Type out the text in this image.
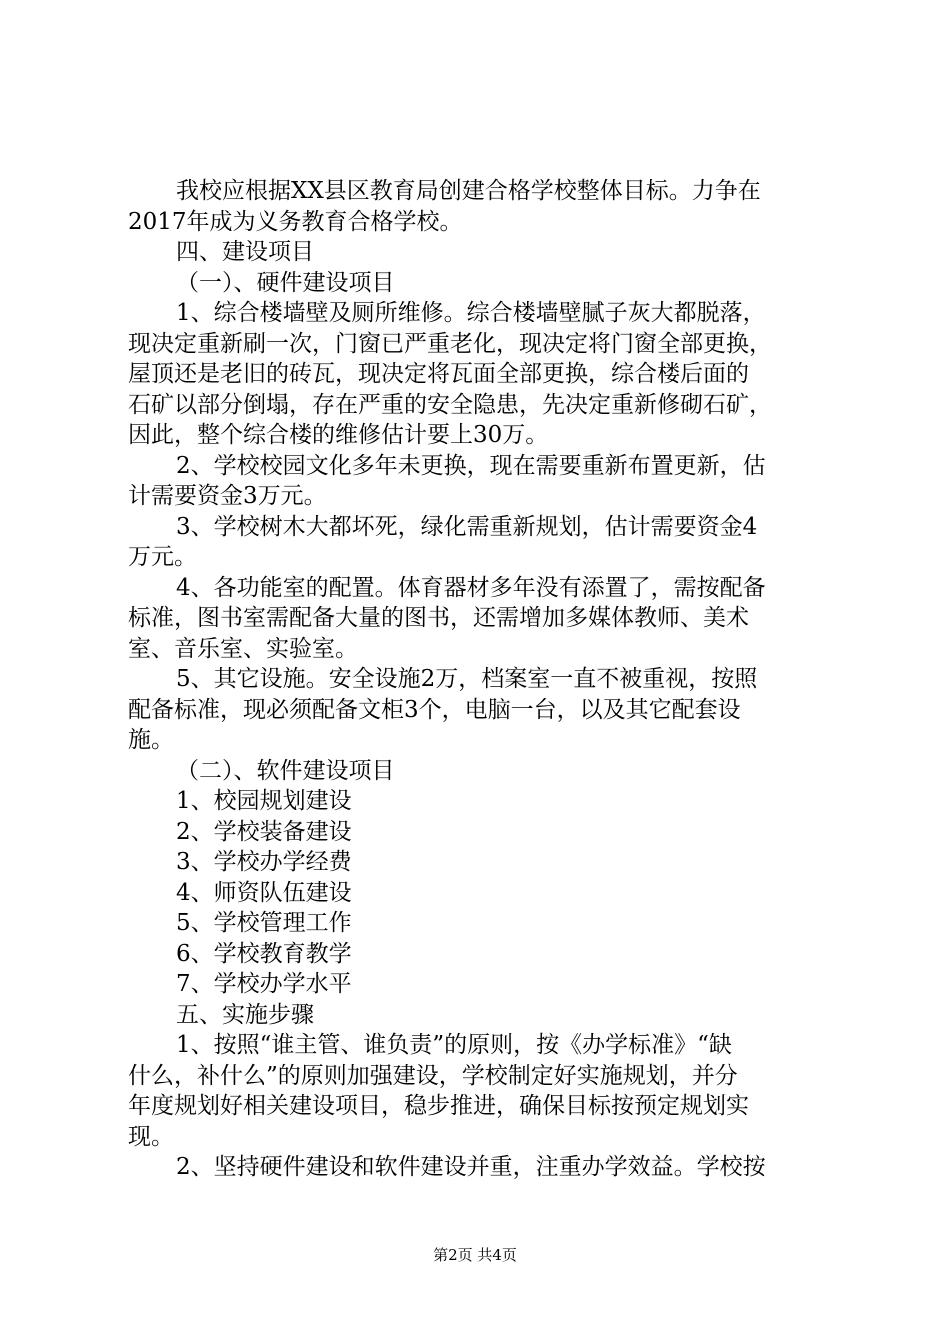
我校应根据XX县区教育局创建合格学校整体目标。力争在
2017年成为义务教育合格学校。
四、建设项目
（一）、硬件建设项目
1、综合楼墙壁及厕所维修。综合楼墙壁腻子灰大都脱落，
现决定重新刷一次，门窗已严重老化，现决定将门窗全部更换，
屋顶还是老旧的砖瓦，现决定将瓦面全部更换，综合楼后面的
石矿以部分倒塌，存在严重的安全隐患，先决定重新修砌石矿，
因此，整个综合楼的维修估计要上30万。
2、学校校园文化多年未更换，现在需要重新布置更新，估
计需要资金3万元。
3、学校树木大都坏死，绿化需重新规划，估计需要资金4
万元。
4、各功能室的配置。体育器材多年没有添置了，需按配备
标准，图书室需配备大量的图书，还需增加多媒体教师、美术
室、音乐室、实验室。
5、其它设施。安全设施2万，档案室一直不被重视，按照
配备标准，现必须配备文柜3个，电脑一台，以及其它配套设
施。
（二）、软件建设项目
1、校园规划建设
2、学校装备建设
3、学校办学经费
4、师资队伍建设
5、学校管理工作
6、学校教育教学
7、学校办学水平
五、实施步骤
1、按照“谁主管、谁负责”的原则，按《办学标准》“缺
什么，补什么”的原则加强建设，学校制定好实施规划，并分
年度规划好相关建设项目，稳步推进，确保目标按预定规划实
现。
2、坚持硬件建设和软件建设并重，注重办学效益。学校按
第2页 共4页
